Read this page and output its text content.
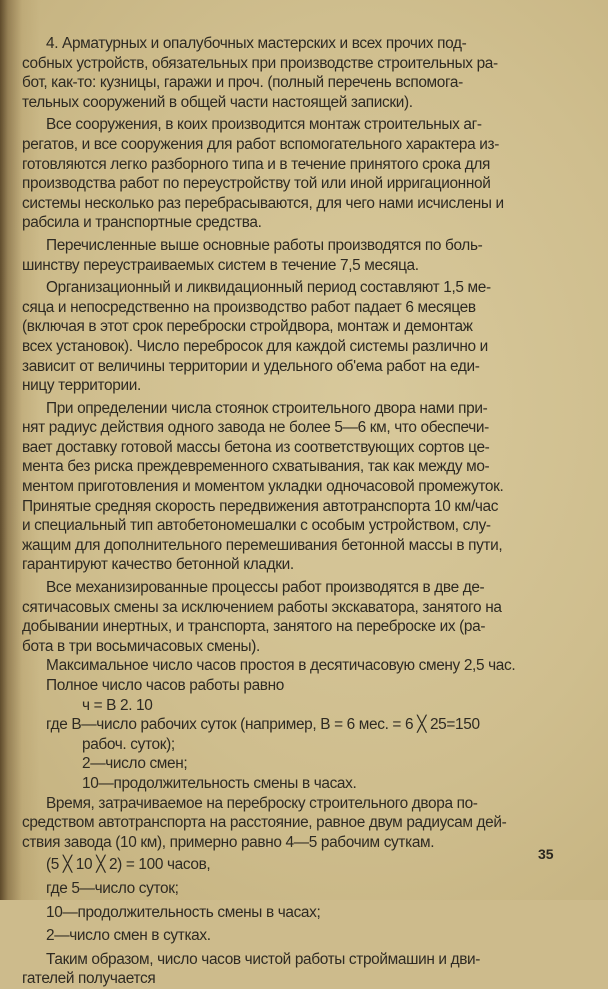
4. Арматурных и опалубочных мастерских и всех прочих под-
собных устройств, обязательных при производстве строительных ра-
бот, как-то: кузницы, гаражи и проч. (полный перечень вспомога-
тельных сооружений в общей части настоящей записки).
Все сооружения, в коих производится монтаж строительных аг-
регатов, и все сооружения для работ вспомогательного характера из-
готовляются легко разборного типа и в течение принятого срока для
производства работ по переустройству той или иной ирригационной
системы несколько раз перебрасываются, для чего нами исчислены и
рабсила и транспортные средства.
Перечисленные выше основные работы производятся по боль-
шинству переустраиваемых систем в течение 7,5 месяца.
Организационный и ликвидационный период составляют 1,5 ме-
сяца и непосредственно на производство работ падает 6 месяцев
(включая в этот срок переброски стройдвора, монтаж и демонтаж
всех установок). Число перебросок для каждой системы различно и
зависит от величины территории и удельного об'ема работ на еди-
ницу территории.
При определении числа стоянок строительного двора нами при-
нят радиус действия одного завода не более 5—6 км, что обеспечи-
вает доставку готовой массы бетона из соответствующих сортов це-
мента без риска преждевременного схватывания, так как между мо-
ментом приготовления и моментом укладки одночасовой промежуток.
Принятые средняя скорость передвижения автотранспорта 10 км/час
и специальный тип автобетономешалки с особым устройством, слу-
жащим для дополнительного перемешивания бетонной массы в пути,
гарантируют качество бетонной кладки.
Все механизированные процессы работ производятся в две де-
сятичасовых смены за исключением работы экскаватора, занятого на
добывании инертных, и транспорта, занятого на переброске их (ра-
бота в три восьмичасовых смены).
Максимальное число часов простоя в десятичасовую смену 2,5 час.
Полное число часов работы равно
ч = В 2. 10
где В—число рабочих суток (например, В = 6 мес. = 6 ╳ 25=150
рабоч. суток);
2—число смен;
10—продолжительность смены в часах.
Время, затрачиваемое на переброску строительного двора по-
средством автотранспорта на расстояние, равное двум радиусам дей-
ствия завода (10 км), примерно равно 4—5 рабочим суткам.
(5 ╳ 10 ╳ 2) = 100 часов,
где 5—число суток;
10—продолжительность смены в часах;
2—число смен в сутках.
Таким образом, число часов чистой работы строймашин и дви-
гателей получается
35
